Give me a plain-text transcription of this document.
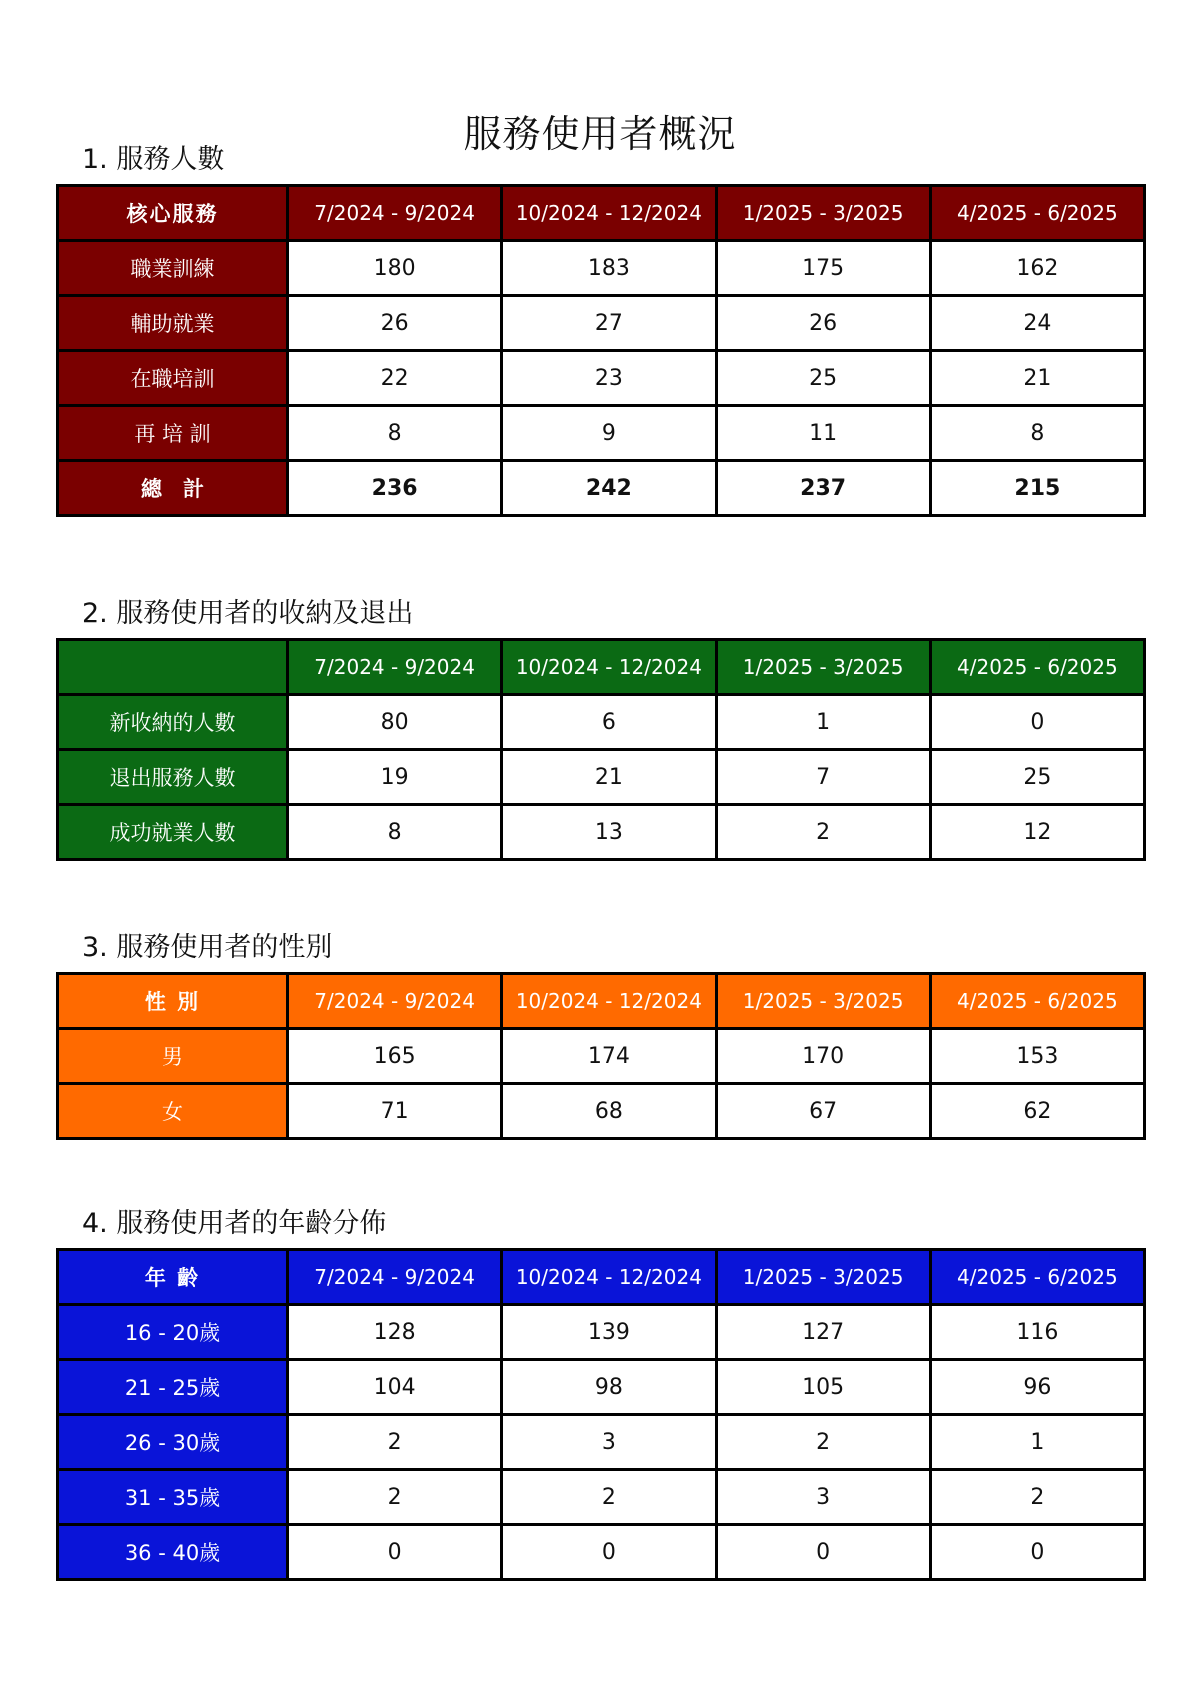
服務使用者概況
1. 服務人數
核心服務	7/2024 - 9/2024	10/2024 - 12/2024	1/2025 - 3/2025	4/2025 - 6/2025
職業訓練	180	183	175	162
輔助就業	26	27	26	24
在職培訓	22	23	25	21
再 培 訓	8	9	11	8
總　計	236	242	237	215
2. 服務使用者的收納及退出
	7/2024 - 9/2024	10/2024 - 12/2024	1/2025 - 3/2025	4/2025 - 6/2025
新收納的人數	80	6	1	0
退出服務人數	19	21	7	25
成功就業人數	8	13	2	12
3. 服務使用者的性別
性 別	7/2024 - 9/2024	10/2024 - 12/2024	1/2025 - 3/2025	4/2025 - 6/2025
男	165	174	170	153
女	71	68	67	62
4. 服務使用者的年齡分佈
年 齡	7/2024 - 9/2024	10/2024 - 12/2024	1/2025 - 3/2025	4/2025 - 6/2025
16 - 20歲	128	139	127	116
21 - 25歲	104	98	105	96
26 - 30歲	2	3	2	1
31 - 35歲	2	2	3	2
36 - 40歲	0	0	0	0
